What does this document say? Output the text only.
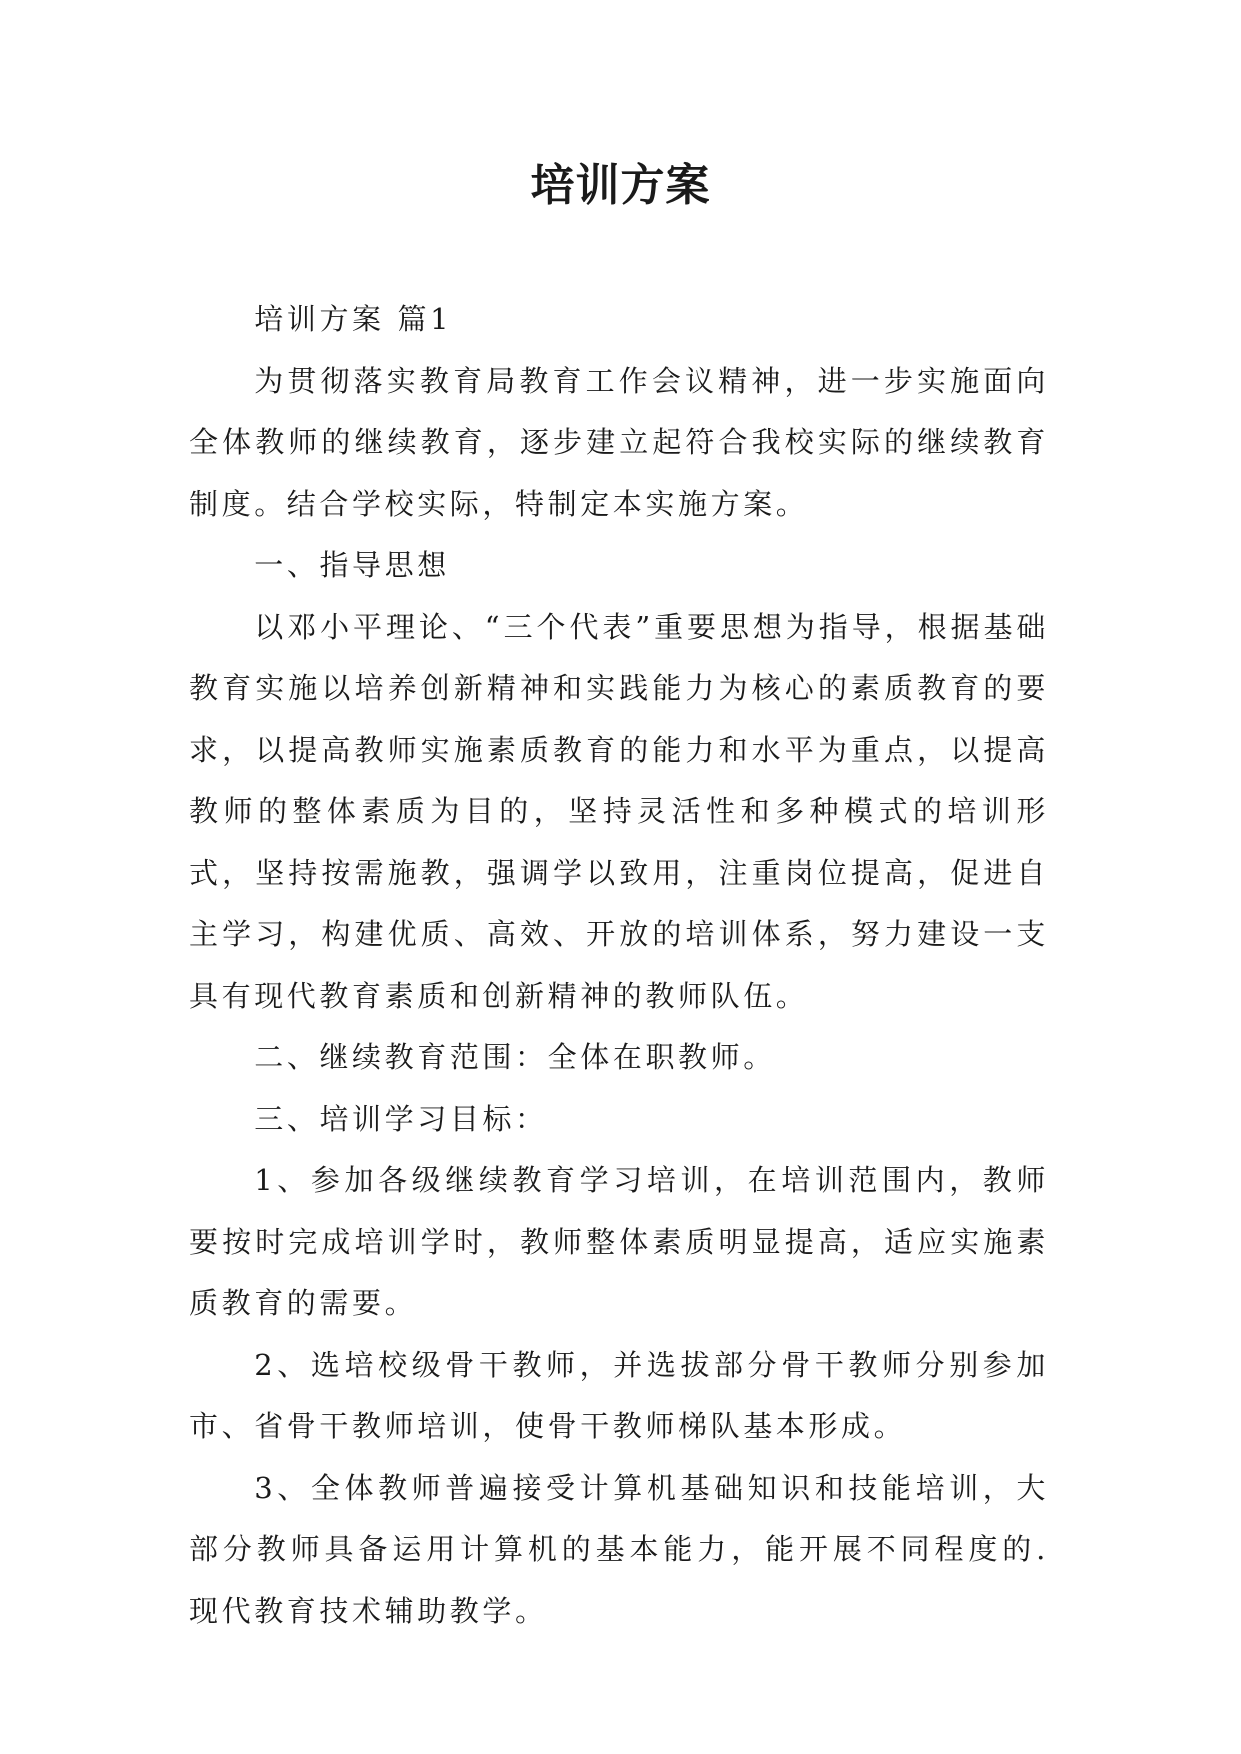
培训方案

培训方案 篇1

为贯彻落实教育局教育工作会议精神，进一步实施面向全体教师的继续教育，逐步建立起符合我校实际的继续教育制度。结合学校实际，特制定本实施方案。

一、指导思想

以邓小平理论、“三个代表”重要思想为指导，根据基础教育实施以培养创新精神和实践能力为核心的素质教育的要求，以提高教师实施素质教育的能力和水平为重点，以提高教师的整体素质为目的，坚持灵活性和多种模式的培训形式，坚持按需施教，强调学以致用，注重岗位提高，促进自主学习，构建优质、高效、开放的培训体系，努力建设一支具有现代教育素质和创新精神的教师队伍。

二、继续教育范围：全体在职教师。

三、培训学习目标：

1、参加各级继续教育学习培训，在培训范围内，教师要按时完成培训学时，教师整体素质明显提高，适应实施素质教育的需要。

2、选培校级骨干教师，并选拔部分骨干教师分别参加市、省骨干教师培训，使骨干教师梯队基本形成。

3、全体教师普遍接受计算机基础知识和技能培训，大部分教师具备运用计算机的基本能力，能开展不同程度的.现代教育技术辅助教学。
